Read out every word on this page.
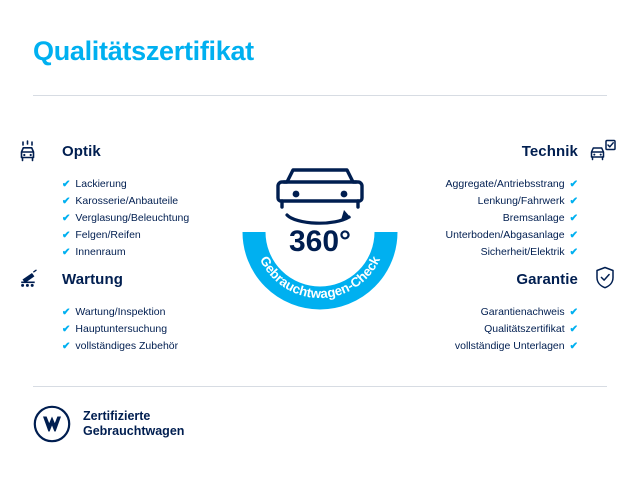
Qualitätszertifikat
Optik
✔ Lackierung
✔ Karosserie/Anbauteile
✔ Verglasung/Beleuchtung
✔ Felgen/Reifen
✔ Innenraum
Wartung
✔ Wartung/Inspektion
✔ Hauptuntersuchung
✔ vollständiges Zubehör
Technik
✔
Aggregate/Antriebsstrang
✔
Lenkung/Fahrwerk
✔
Bremsanlage
✔
Unterboden/Abgasanlage
✔
Sicherheit/Elektrik
Garantie
✔
Garantienachweis
✔
Qualitätszertifikat
✔
vollständige Unterlagen
360°
Gebrauchtwagen-Check
Zertifizierte
Gebrauchtwagen
